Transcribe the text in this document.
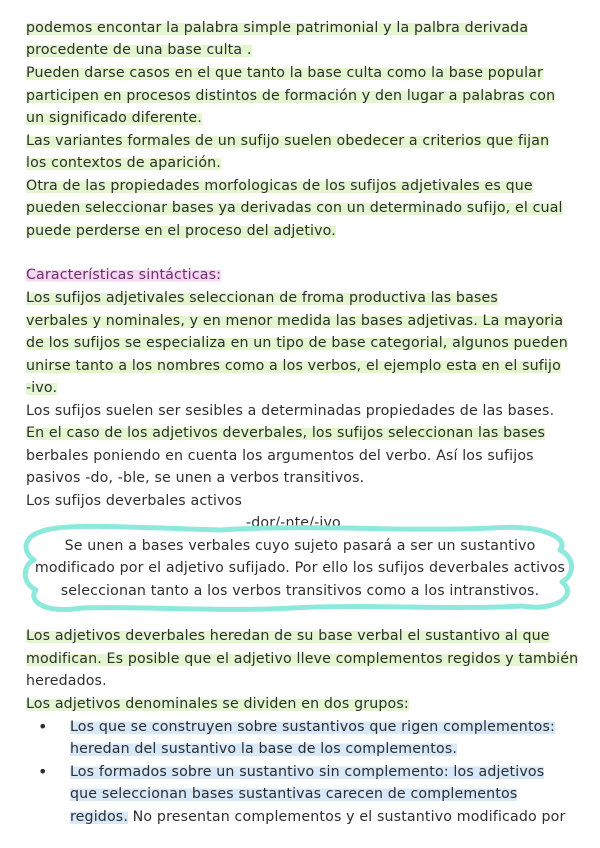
podemos encontar la palabra simple patrimonial y la palbra derivada
procedente de una base culta .
Pueden darse casos en el que tanto la base culta como la base popular
participen en procesos distintos de formación y den lugar a palabras con
un significado diferente.
Las variantes formales de un sufijo suelen obedecer a criterios que fijan
los contextos de aparición.
Otra de las propiedades morfologicas de los sufijos adjetivales es que
pueden seleccionar bases ya derivadas con un determinado sufijo, el cual
puede perderse en el proceso del adjetivo.
Características sintácticas:
Los sufijos adjetivales seleccionan de froma productiva las bases
verbales y nominales, y en menor medida las bases adjetivas. La mayoria
de los sufijos se especializa en un tipo de base categorial, algunos pueden
unirse tanto a los nombres como a los verbos, el ejemplo esta en el sufijo
-ivo.
Los sufijos suelen ser sesibles a determinadas propiedades de las bases.
En el caso de los adjetivos deverbales, los sufijos seleccionan las bases
berbales poniendo en cuenta los argumentos del verbo. Así los sufijos
pasivos -do, -ble, se unen a verbos transitivos.
Los sufijos deverbales activos
-dor/-nte/-ivo
Se unen a bases verbales cuyo sujeto pasará a ser un sustantivo
modificado por el adjetivo sufijado. Por ello los sufijos deverbales activos
seleccionan tanto a los verbos transitivos como a los intranstivos.
Los adjetivos deverbales heredan de su base verbal el sustantivo al que
modifican. Es posible que el adjetivo lleve complementos regidos y también
heredados.
Los adjetivos denominales se dividen en dos grupos:
• Los que se construyen sobre sustantivos que rigen complementos:
heredan del sustantivo la base de los complementos.
• Los formados sobre un sustantivo sin complemento: los adjetivos
que seleccionan bases sustantivas carecen de complementos
regidos. No presentan complementos y el sustantivo modificado por
